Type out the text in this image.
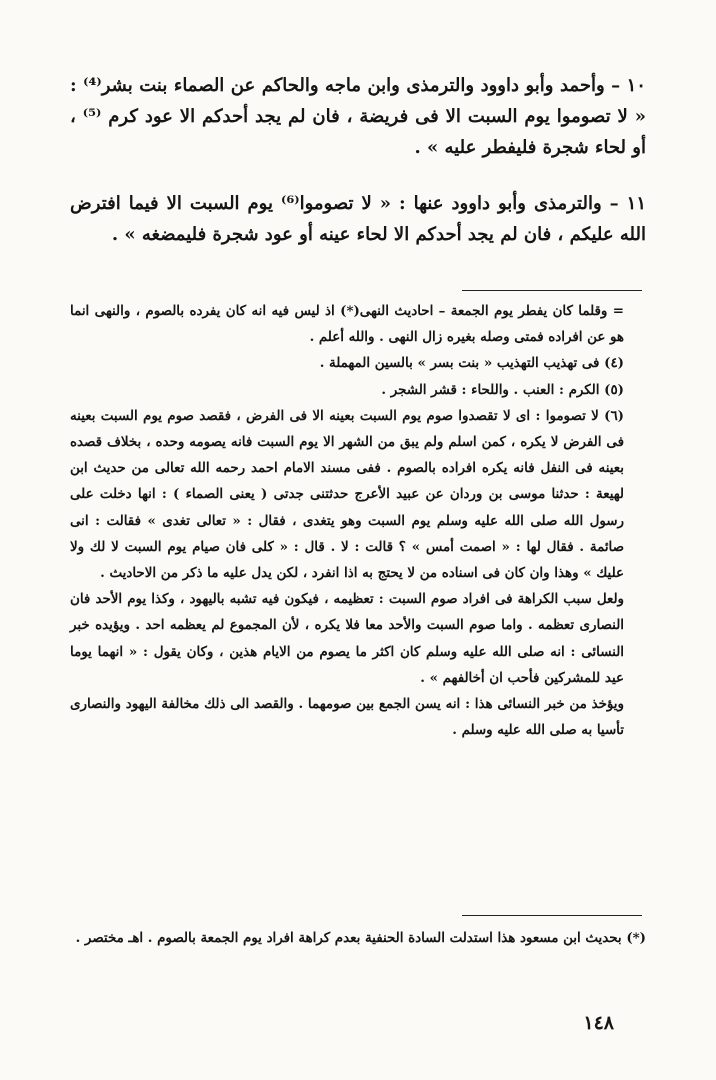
١٠ – وأحمد وأبو داوود والترمذى وابن ماجه والحاكم عن الصماء بنت بشر⁽⁴⁾ : « لا تصوموا يوم السبت الا فى فريضة ، فان لم يجد أحدكم الا عود كرم ⁽⁵⁾ ، أو لحاء شجرة فليفطر عليه » .
١١ – والترمذى وأبو داوود عنها : « لا تصوموا⁽⁶⁾ يوم السبت الا فيما افترض الله عليكم ، فان لم يجد أحدكم الا لحاء عينه أو عود شجرة فليمضغه » .

= وقلما كان يفطر يوم الجمعة – احاديث النهى(*) اذ ليس فيه انه كان يفرده بالصوم ، والنهى انما هو عن افراده فمتى وصله بغيره زال النهى . والله أعلم .

(٤) فى تهذيب التهذيب « بنت بسر » بالسين المهملة .

(٥) الكرم : العنب . واللحاء : قشر الشجر .

(٦) لا تصوموا : اى لا تقصدوا صوم يوم السبت بعينه الا فى الفرض ، فقصد صوم يوم السبت بعينه فى الفرض لا يكره ، كمن اسلم ولم يبق من الشهر الا يوم السبت فانه يصومه وحده ، بخلاف قصده بعينه فى النفل فانه يكره افراده بالصوم . ففى مسند الامام احمد رحمه الله تعالى من حديث ابن لهيعة : حدثنا موسى بن وردان عن عبيد الأعرج حدثتنى جدتى ( يعنى الصماء ) : انها دخلت على رسول الله صلى الله عليه وسلم يوم السبت وهو يتغدى ، فقال : « تعالى تغدى » فقالت : انى صائمة . فقال لها : « اصمت أمس » ؟ قالت : لا . قال : « كلى فان صيام يوم السبت لا لك ولا عليك » وهذا وان كان فى اسناده من لا يحتج به اذا انفرد ، لكن يدل عليه ما ذكر من الاحاديث .

ولعل سبب الكراهة فى افراد صوم السبت : تعظيمه ، فيكون فيه تشبه باليهود ، وكذا يوم الأحد فان النصارى تعظمه . واما صوم السبت والأحد معا فلا يكره ، لأن المجموع لم يعظمه احد . ويؤيده خبر النسائى : انه صلى الله عليه وسلم كان اكثر ما يصوم من الايام هذين ، وكان يقول : « انهما يوما عيد للمشركين فأحب ان أخالفهم » .

ويؤخذ من خبر النسائى هذا : انه يسن الجمع بين صومهما . والقصد الى ذلك مخالفة اليهود والنصارى تأسيا به صلى الله عليه وسلم .

(*) بحديث ابن مسعود هذا استدلت السادة الحنفية بعدم كراهة افراد يوم الجمعة بالصوم . اهـ مختصر .
١٤٨
